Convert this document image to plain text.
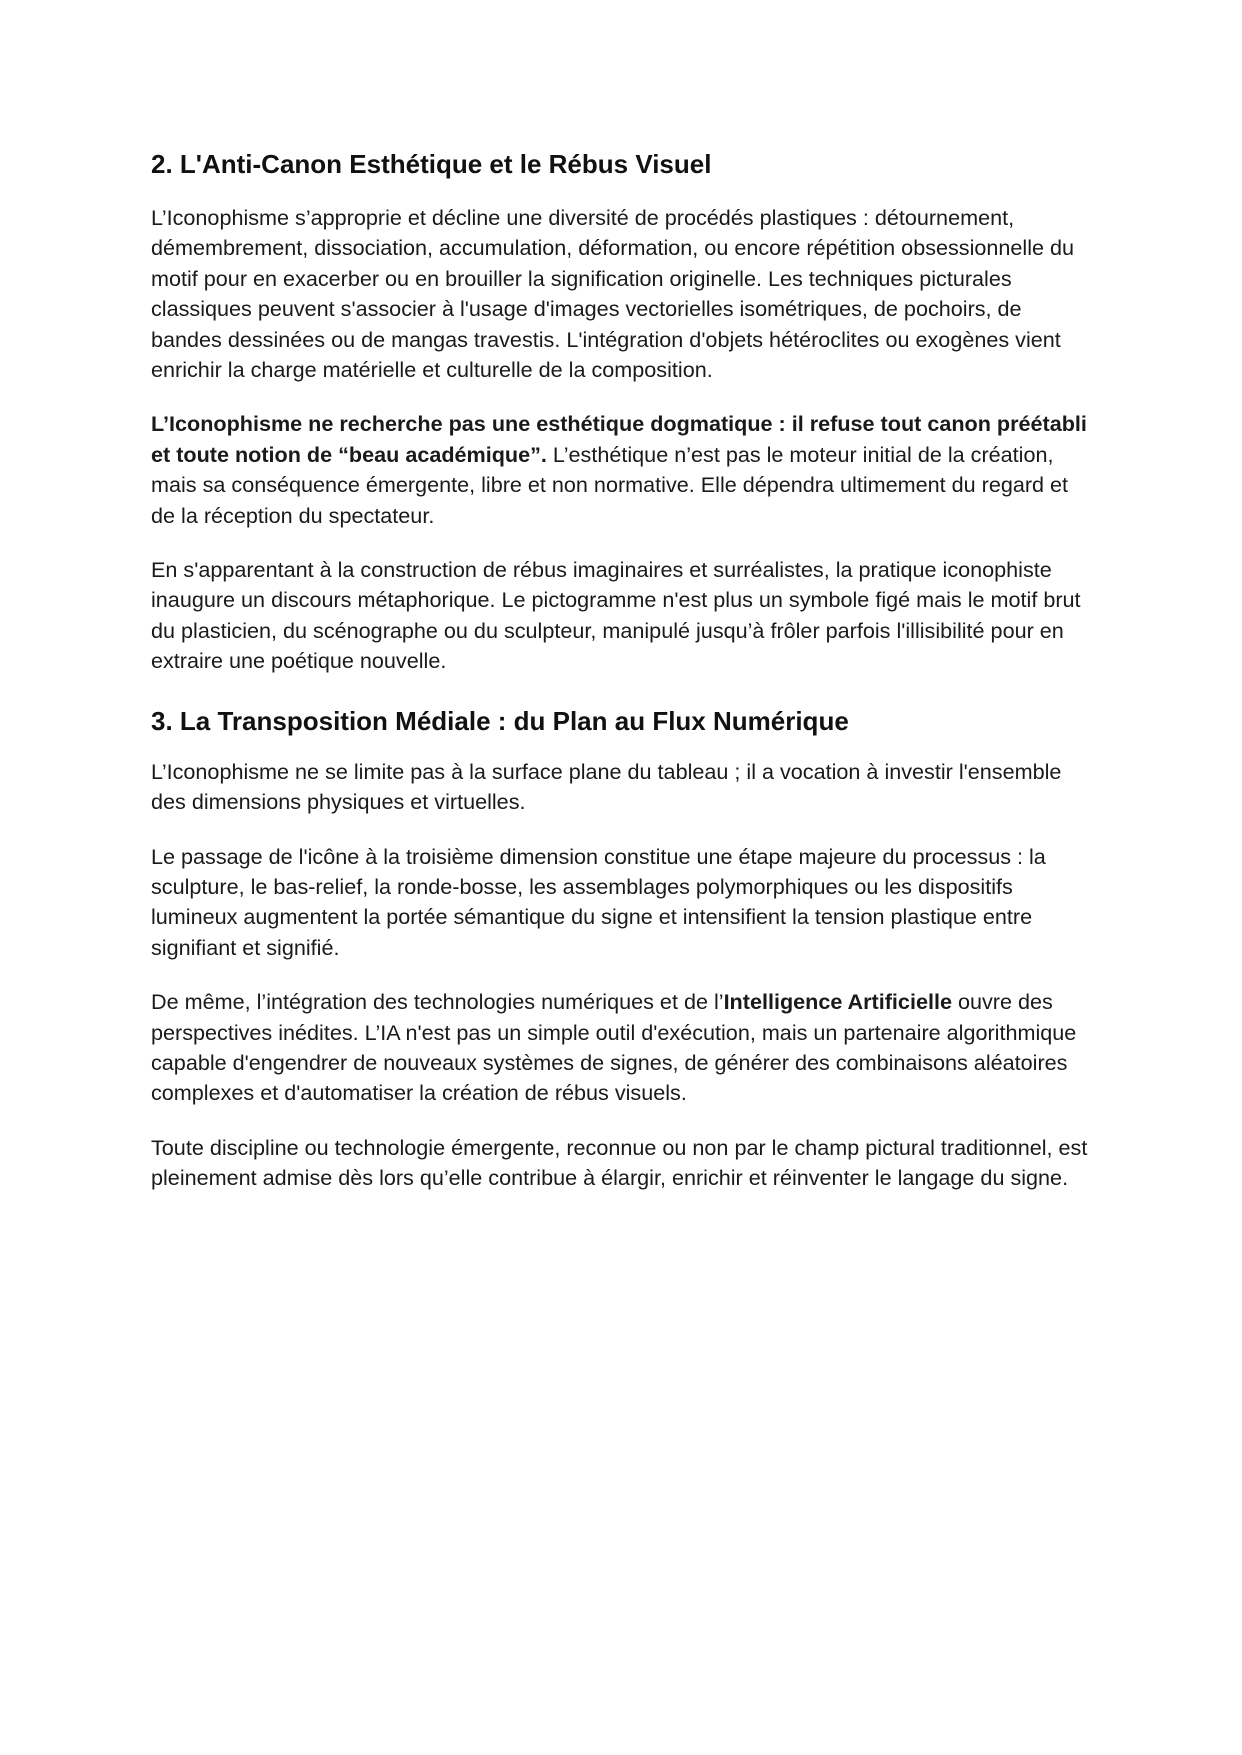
2. L'Anti-Canon Esthétique et le Rébus Visuel

L’Iconophisme s’approprie et décline une diversité de procédés plastiques : détournement, démembrement, dissociation, accumulation, déformation, ou encore répétition obsessionnelle du motif pour en exacerber ou en brouiller la signification originelle. Les techniques picturales classiques peuvent s'associer à l'usage d'images vectorielles isométriques, de pochoirs, de bandes dessinées ou de mangas travestis. L'intégration d'objets hétéroclites ou exogènes vient enrichir la charge matérielle et culturelle de la composition.

L’Iconophisme ne recherche pas une esthétique dogmatique : il refuse tout canon préétabli et toute notion de “beau académique”. L’esthétique n’est pas le moteur initial de la création, mais sa conséquence émergente, libre et non normative. Elle dépendra ultimement du regard et de la réception du spectateur.

En s'apparentant à la construction de rébus imaginaires et surréalistes, la pratique iconophiste inaugure un discours métaphorique. Le pictogramme n'est plus un symbole figé mais le motif brut du plasticien, du scénographe ou du sculpteur, manipulé jusqu’à frôler parfois l'illisibilité pour en extraire une poétique nouvelle.

3. La Transposition Médiale : du Plan au Flux Numérique

L’Iconophisme ne se limite pas à la surface plane du tableau ; il a vocation à investir l'ensemble des dimensions physiques et virtuelles.

Le passage de l'icône à la troisième dimension constitue une étape majeure du processus : la sculpture, le bas-relief, la ronde-bosse, les assemblages polymorphiques ou les dispositifs lumineux augmentent la portée sémantique du signe et intensifient la tension plastique entre signifiant et signifié.

De même, l’intégration des technologies numériques et de l’Intelligence Artificielle ouvre des perspectives inédites. L’IA n'est pas un simple outil d'exécution, mais un partenaire algorithmique capable d'engendrer de nouveaux systèmes de signes, de générer des combinaisons aléatoires complexes et d'automatiser la création de rébus visuels.

Toute discipline ou technologie émergente, reconnue ou non par le champ pictural traditionnel, est pleinement admise dès lors qu’elle contribue à élargir, enrichir et réinventer le langage du signe.
